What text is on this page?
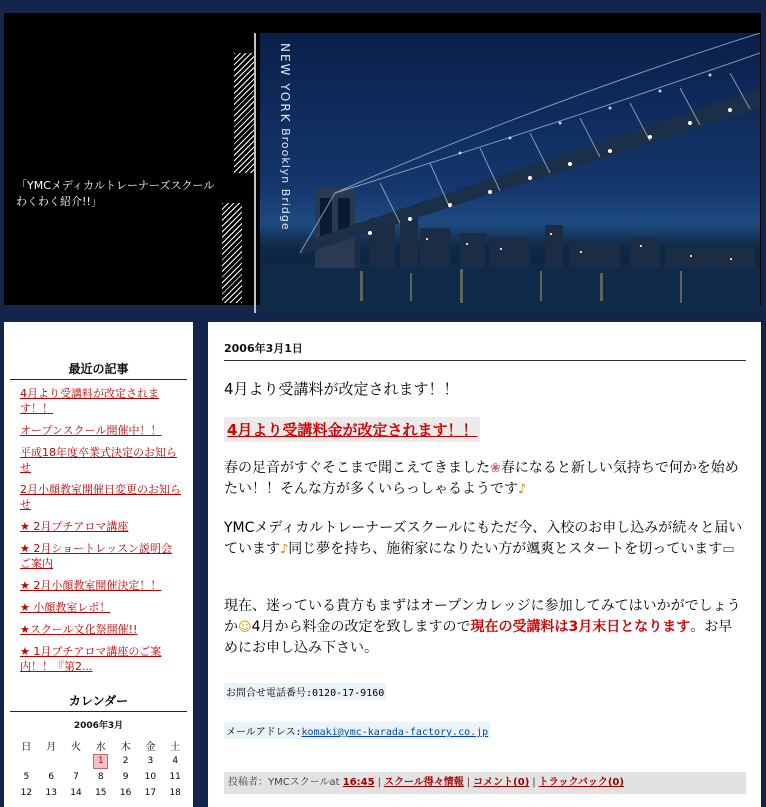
「YMCメディカルトレーナーズスクールわくわく紹介!!」
NEW YORK Brooklyn Bridge
最近の記事
4月より受講料が改定されます！！
オープンスクール開催中！！
平成18年度卒業式決定のお知らせ
2月小顔教室開催日変更のお知らせ
★ 2月プチアロマ講座
★ 2月ショートレッスン説明会ご案内
★ 2月小顔教室開催決定！！
★ 小顔教室レポ！
★スクール文化祭開催!!
★ 1月プチアロマ講座のご案内！！『第2...
カレンダー
2006年3月
日	月	火	水	木	金	土
			1	2	3	4
5	6	7	8	9	10	11
12	13	14	15	16	17	18
2006年3月1日
4月より受講料が改定されます！！
4月より受講料金が改定されます！！
春の足音がすぐそこまで聞こえてきました❀春になると新しい気持ちで何かを始めたい！！そんな方が多くいらっしゃるようです♪
YMCメディカルトレーナーズスクールにもただ今、入校のお申し込みが続々と届いています♪同じ夢を持ち、施術家になりたい方が颯爽とスタートを切っています▭
現在、迷っている貴方もまずはオープンカレッジに参加してみてはいかがでしょうか☺4月から料金の改定を致しますので現在の受講料は3月末日となります。お早めにお申し込み下さい。
お問合せ電話番号:0120-17-9160
メールアドレス:komaki@ymc-karada-factory.co.jp
投稿者：YMCスクールat 16:45 | スクール得々情報 | コメント(0) | トラックバック(0)
